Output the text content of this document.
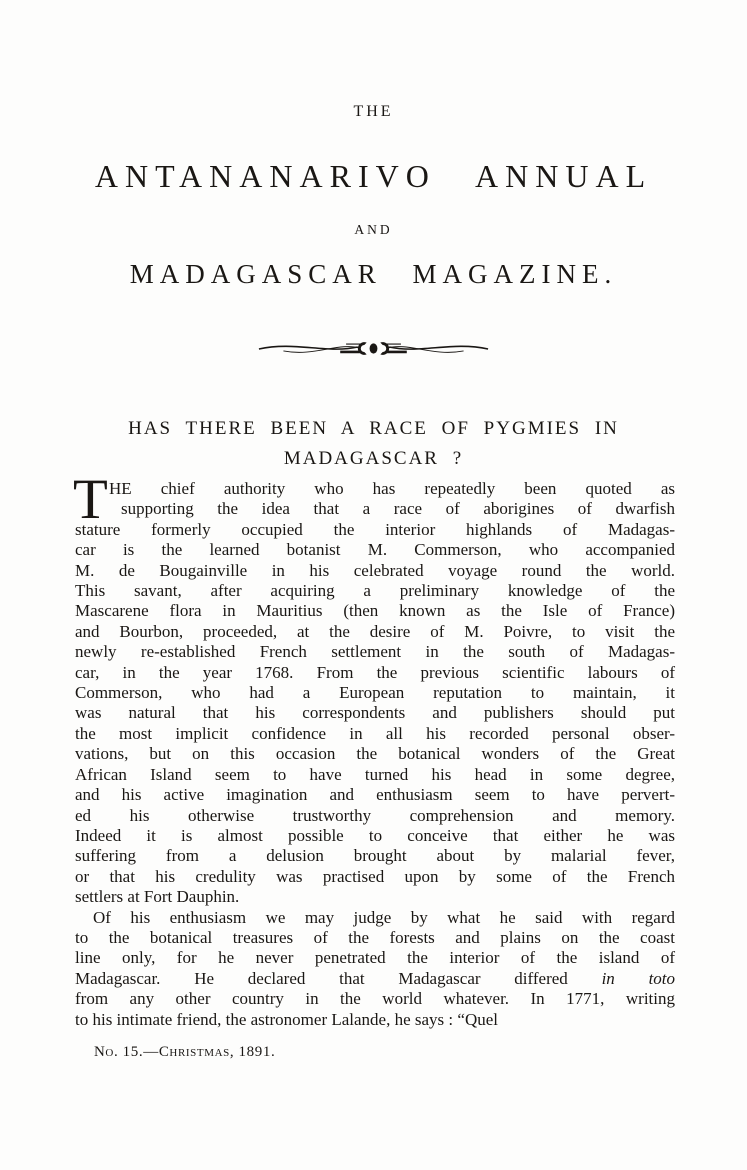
THE
ANTANANARIVO ANNUAL
AND
MADAGASCAR MAGAZINE.
HAS THERE BEEN A RACE OF PYGMIES IN
MADAGASCAR ?
T HE chief authority who has repeatedly been quoted as
supporting the idea that a race of aborigines of dwarfish
stature formerly occupied the interior highlands of Madagas-
car is the learned botanist M. Commerson, who accompanied
M. de Bougainville in his celebrated voyage round the world.
This savant, after acquiring a preliminary knowledge of the
Mascarene flora in Mauritius (then known as the Isle of France)
and Bourbon, proceeded, at the desire of M. Poivre, to visit the
newly re-established French settlement in the south of Madagas-
car, in the year 1768. From the previous scientific labours of
Commerson, who had a European reputation to maintain, it
was natural that his correspondents and publishers should put
the most implicit confidence in all his recorded personal obser-
vations, but on this occasion the botanical wonders of the Great
African Island seem to have turned his head in some degree,
and his active imagination and enthusiasm seem to have pervert-
ed his otherwise trustworthy comprehension and memory.
Indeed it is almost possible to conceive that either he was
suffering from a delusion brought about by malarial fever,
or that his credulity was practised upon by some of the French
settlers at Fort Dauphin.
Of his enthusiasm we may judge by what he said with regard
to the botanical treasures of the forests and plains on the coast
line only, for he never penetrated the interior of the island of
Madagascar. He declared that Madagascar differed in toto
from any other country in the world whatever. In 1771, writing
to his intimate friend, the astronomer Lalande, he says : “Quel
No. 15.—Christmas, 1891.
